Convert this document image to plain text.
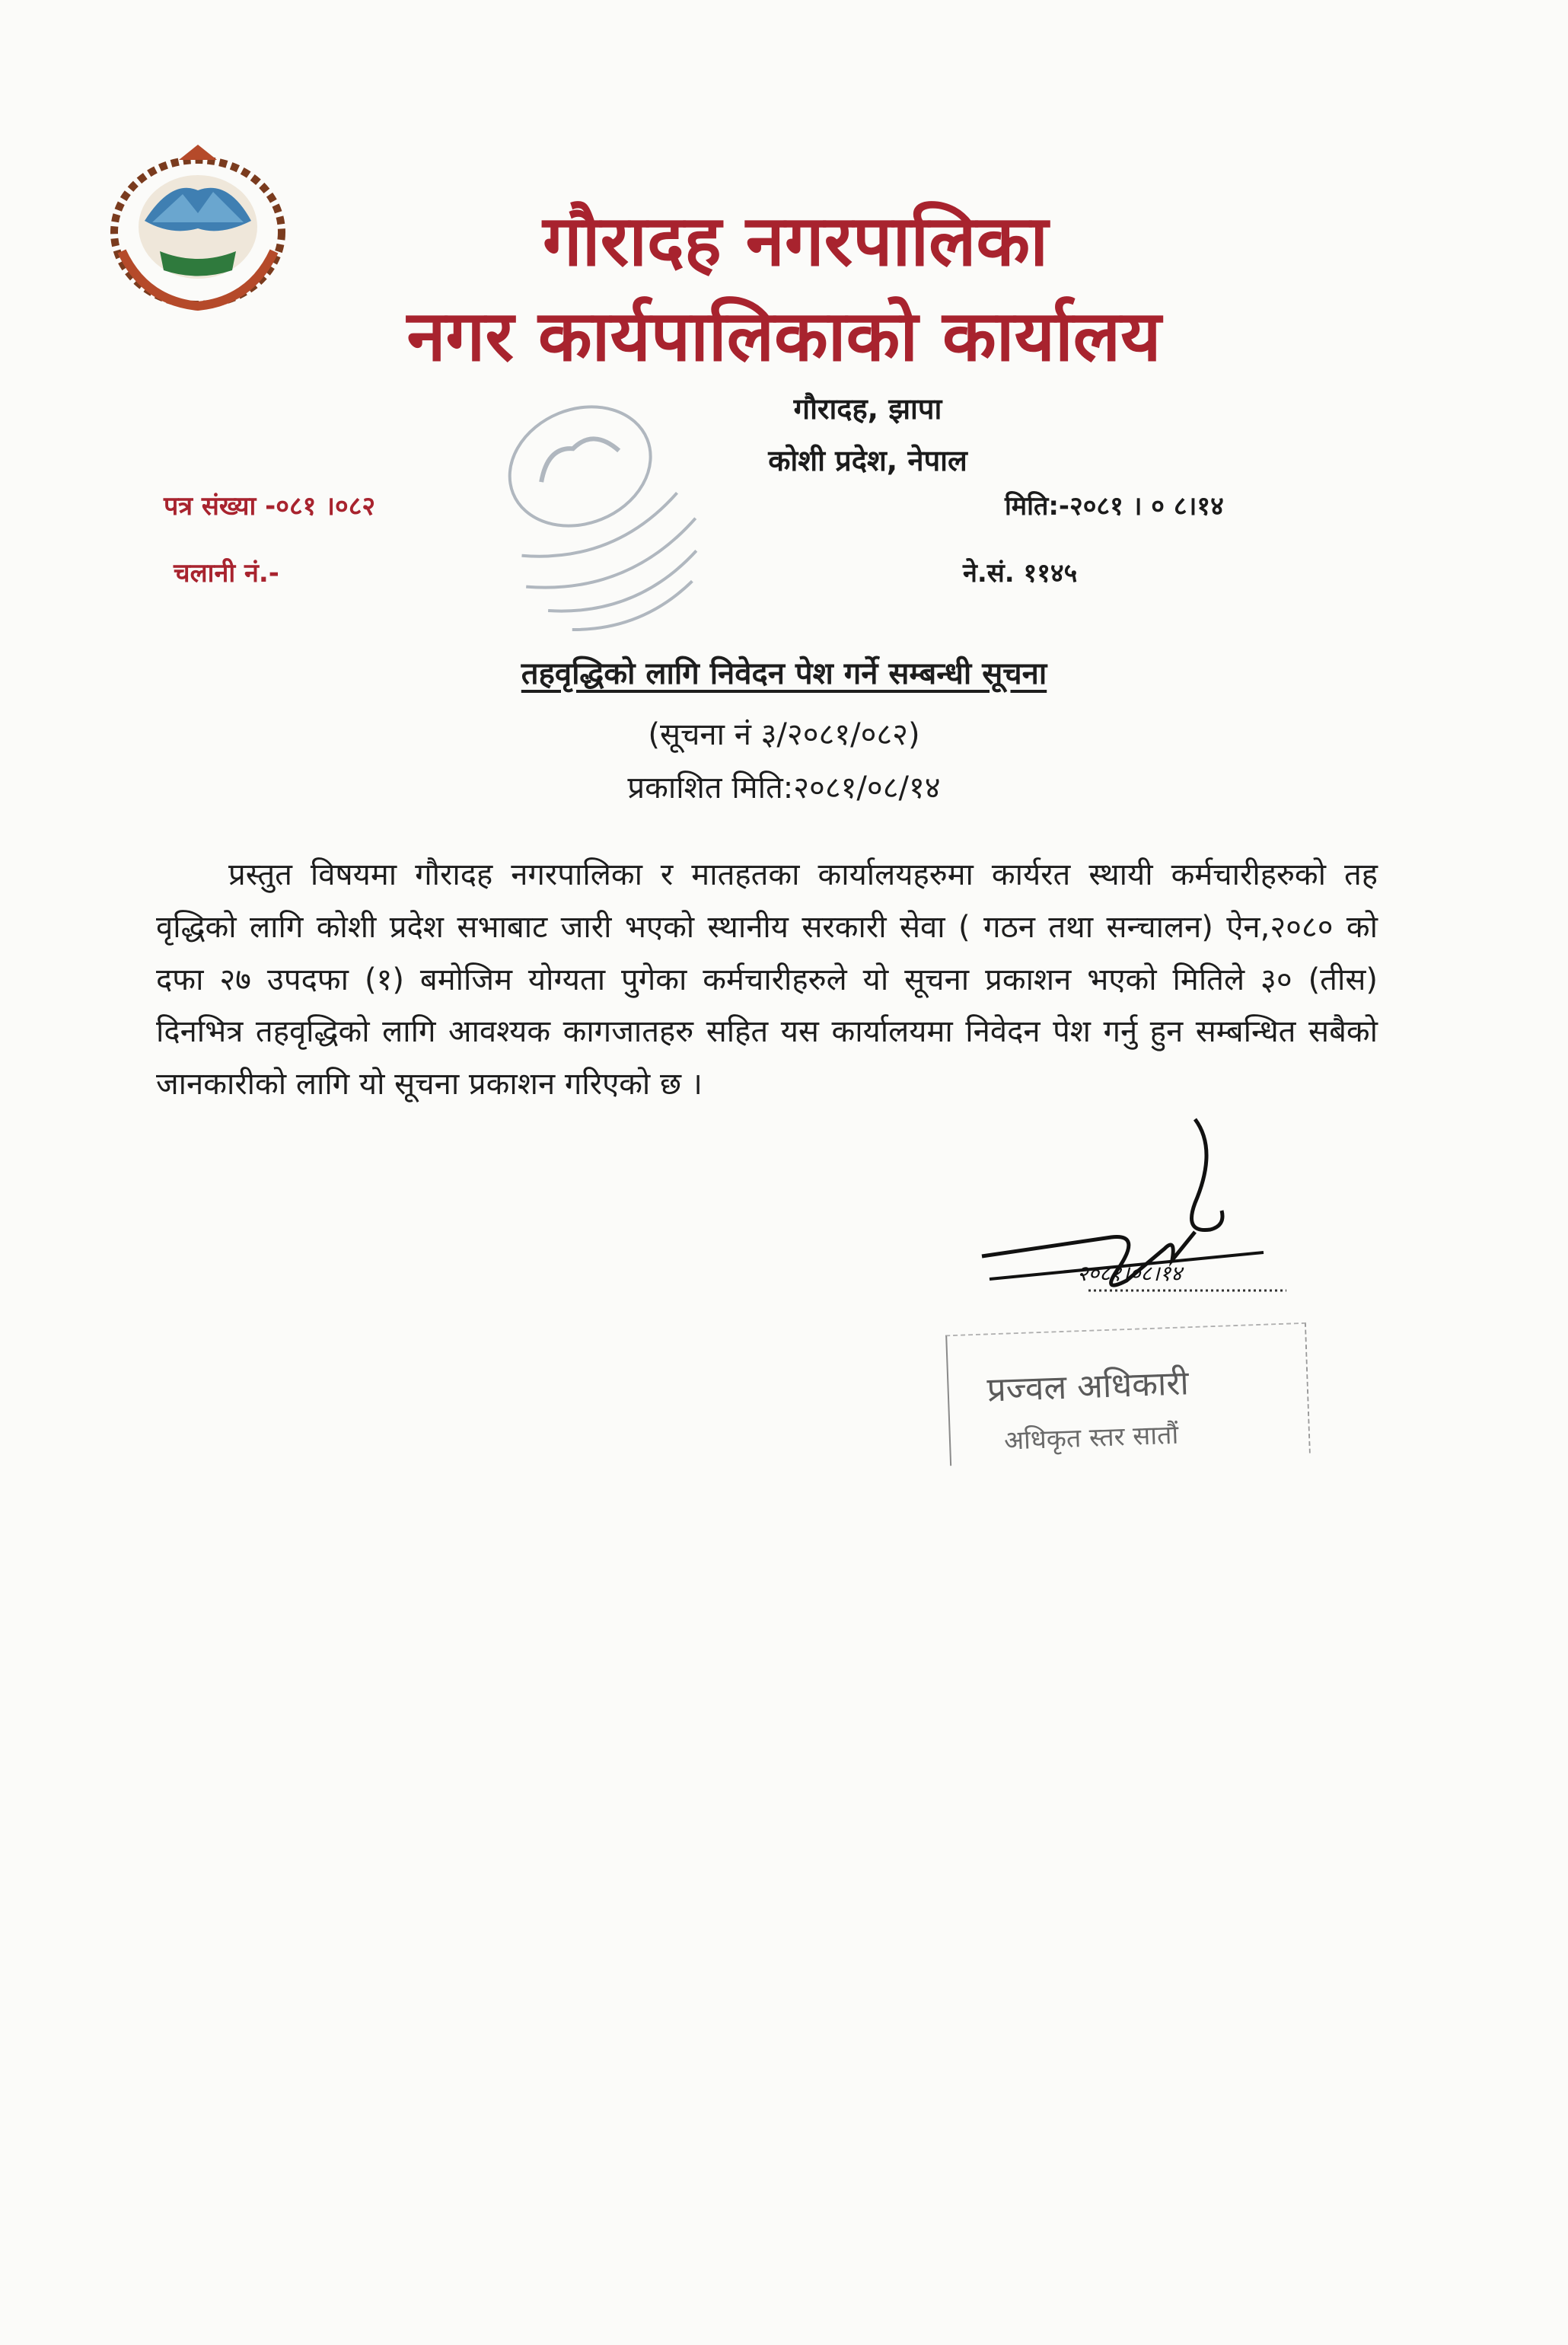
गौरादह नगरपालिका
नगर कार्यपालिकाको कार्यालय
गौरादह, झापा
कोशी प्रदेश, नेपाल
पत्र संख्या -०८१ ।०८२
चलानी नं.-
मिति:-२०८१ । ० ८।१४
ने.सं. ११४५
तहवृद्धिको लागि निवेदन पेश गर्ने सम्बन्धी सूचना
(सूचना नं ३/२०८१/०८२)
प्रकाशित मिति:२०८१/०८/१४
प्रस्तुत विषयमा गौरादह नगरपालिका र मातहतका कार्यालयहरुमा कार्यरत स्थायी कर्मचारीहरुको तह वृद्धिको लागि कोशी प्रदेश सभाबाट जारी भएको स्थानीय सरकारी सेवा ( गठन तथा सन्चालन) ऐन,२०८० को दफा २७ उपदफा (१) बमोजिम योग्यता पुगेका कर्मचारीहरुले यो सूचना प्रकाशन भएको मितिले ३० (तीस) दिनभित्र तहवृद्धिको लागि आवश्यक कागजातहरु सहित यस कार्यालयमा निवेदन पेश गर्नु हुन सम्बन्धित सबैको जानकारीको लागि यो सूचना प्रकाशन गरिएको छ ।
२०८१।०८।१४
प्रज्वल अधिकारी
अधिकृत स्तर सातौं
